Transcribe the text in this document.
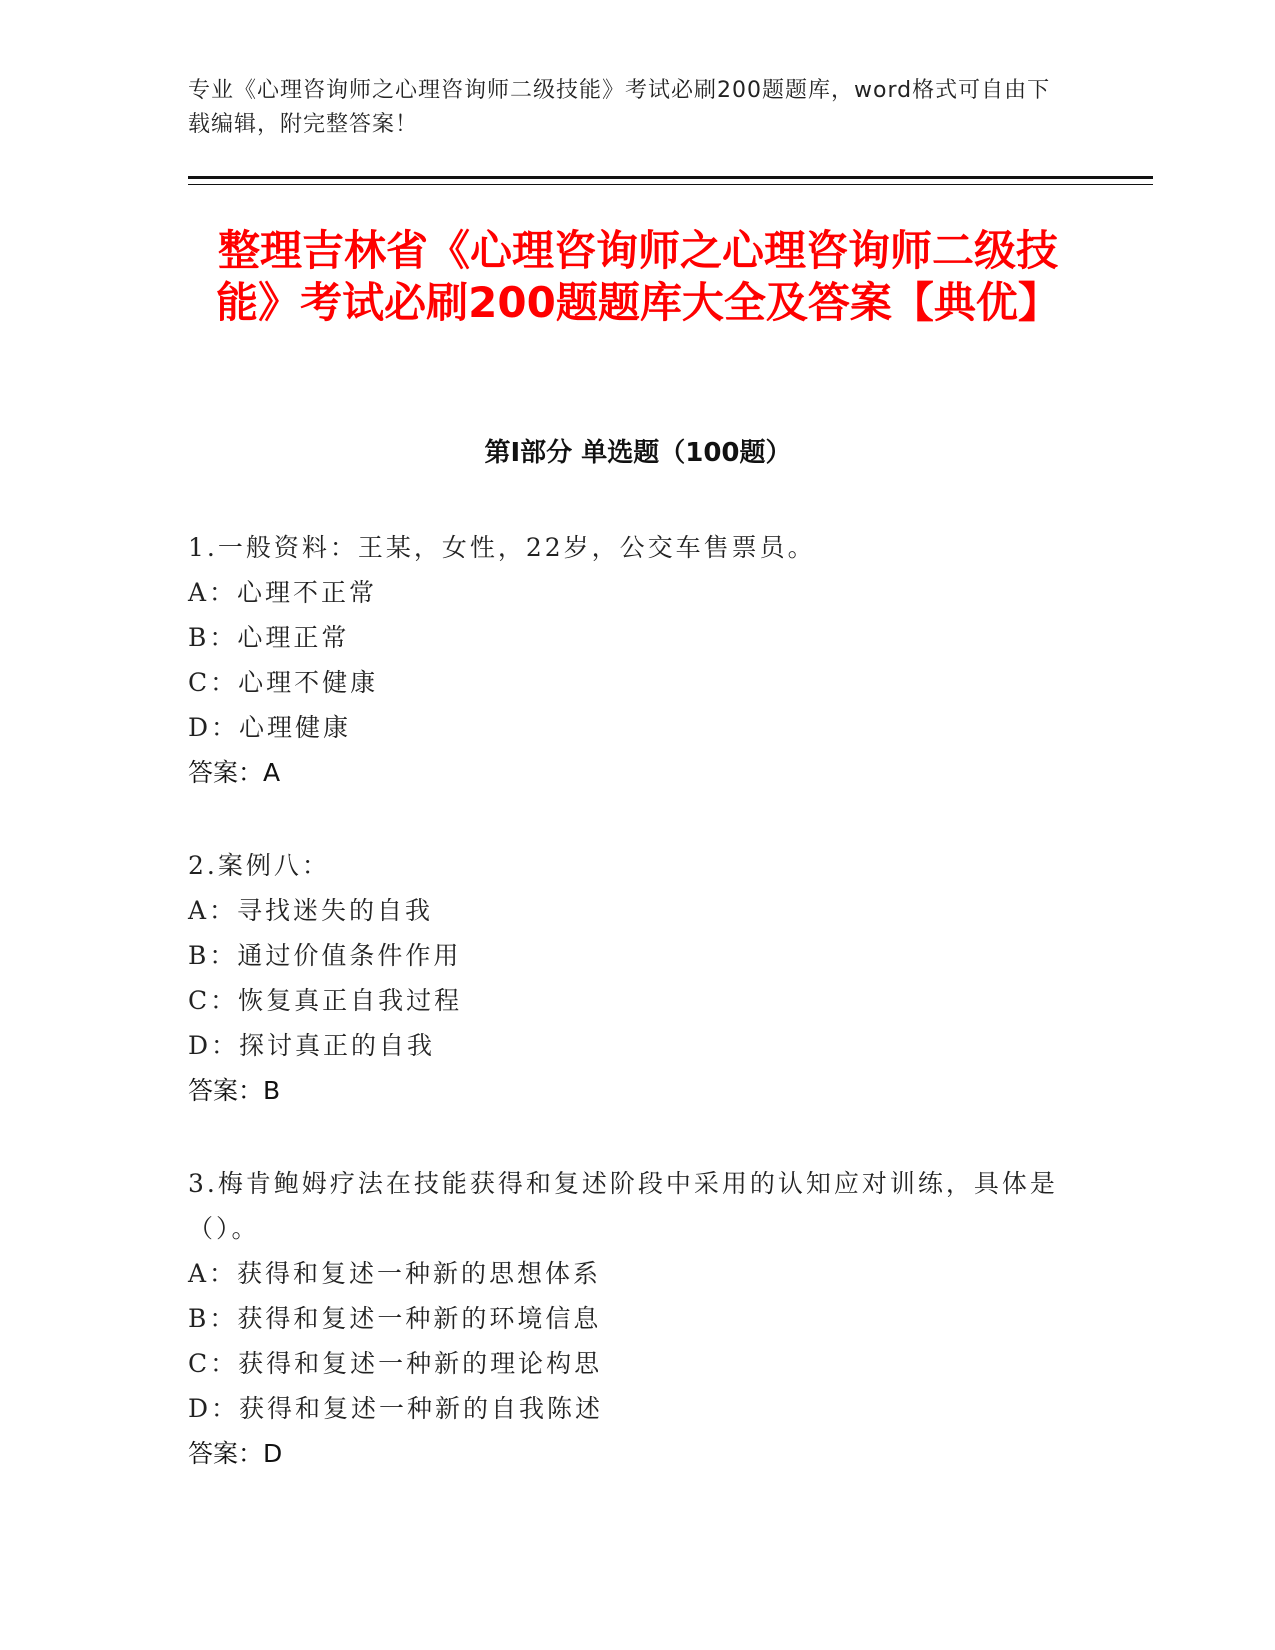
专业《心理咨询师之心理咨询师二级技能》考试必刷200题题库，word格式可自由下载编辑，附完整答案！
整理吉林省《心理咨询师之心理咨询师二级技能》考试必刷200题题库大全及答案【典优】
第I部分 单选题（100题）
1.一般资料：王某，女性，22岁，公交车售票员。
A：心理不正常
B：心理正常
C：心理不健康
D：心理健康
答案：A
2.案例八：
A：寻找迷失的自我
B：通过价值条件作用
C：恢复真正自我过程
D：探讨真正的自我
答案：B
3.梅肯鲍姆疗法在技能获得和复述阶段中采用的认知应对训练，具体是（）。
A：获得和复述一种新的思想体系
B：获得和复述一种新的环境信息
C：获得和复述一种新的理论构思
D：获得和复述一种新的自我陈述
答案：D
